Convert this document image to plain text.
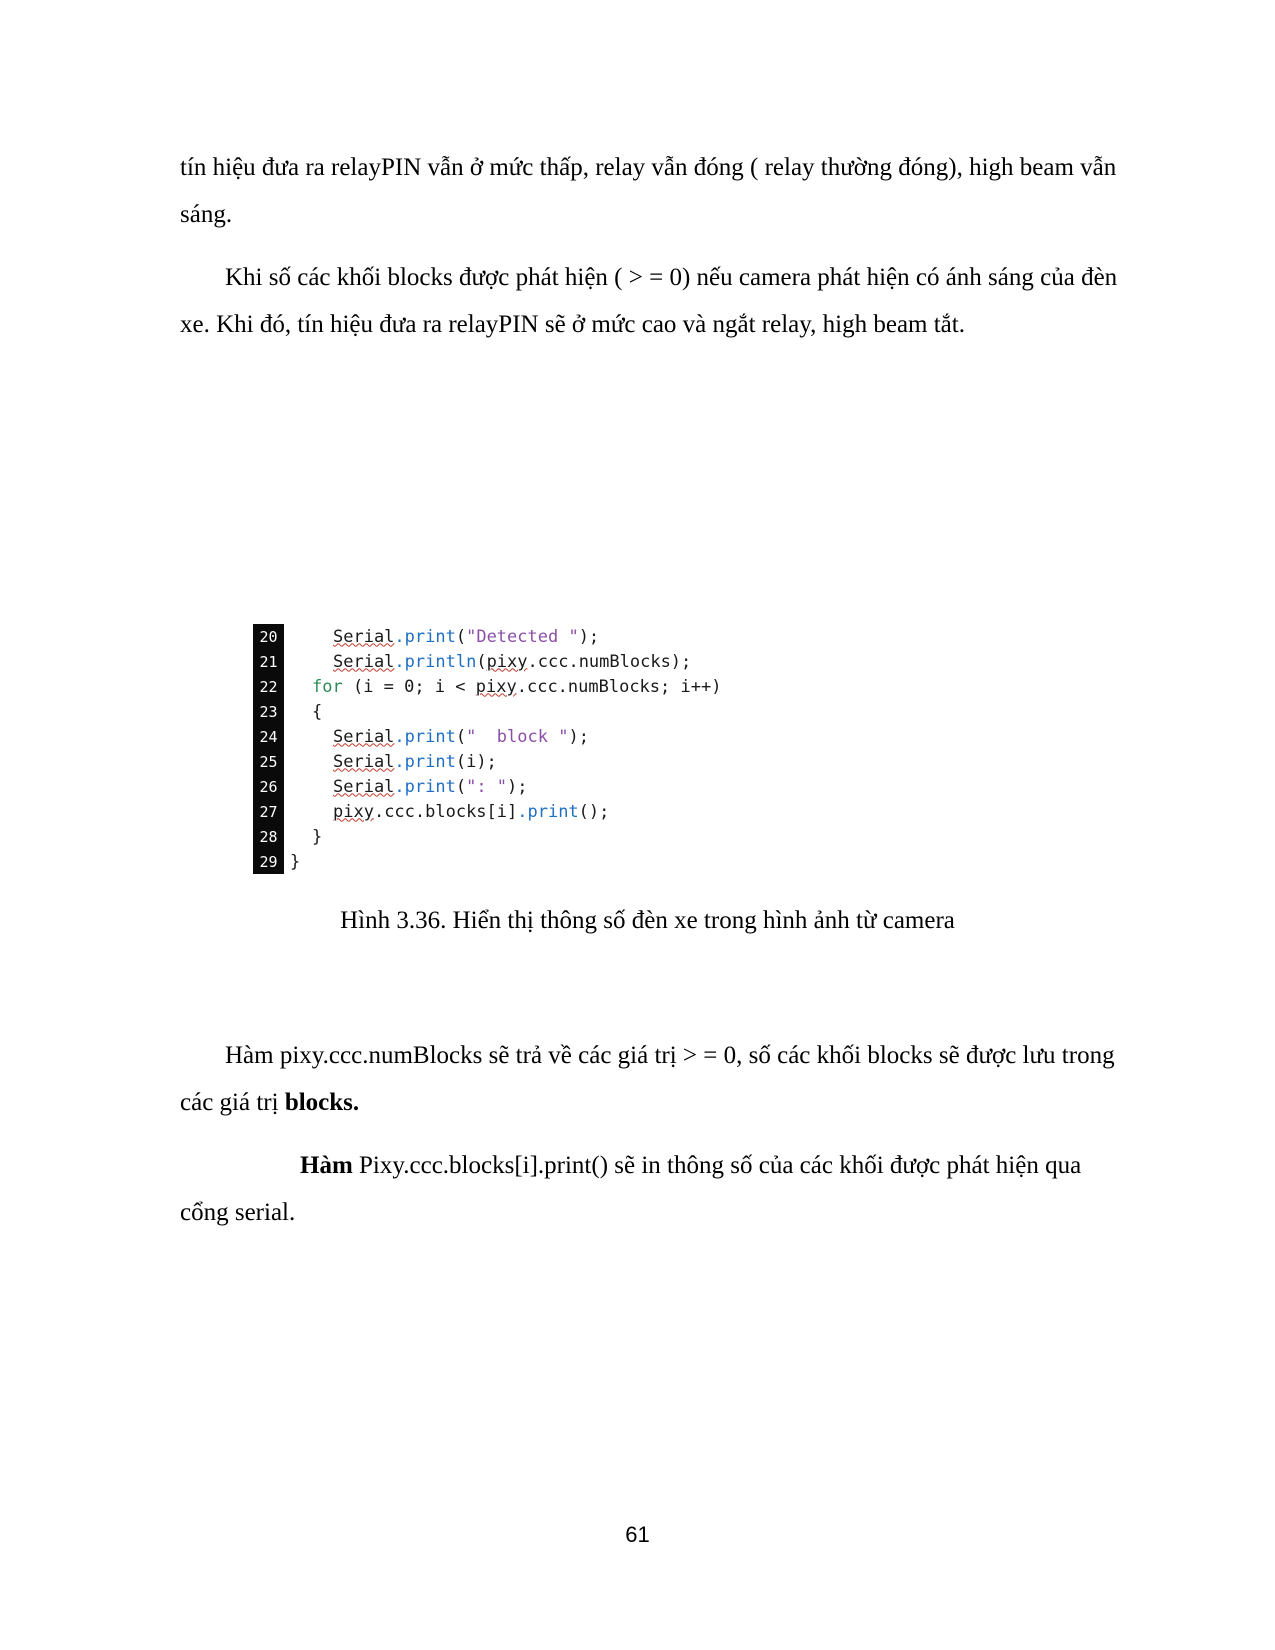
tín hiệu đưa ra relayPIN vẫn ở mức thấp, relay vẫn đóng ( relay thường đóng), high beam vẫn sáng.

Khi số các khối blocks được phát hiện ( > = 0) nếu camera phát hiện có ánh sáng của đèn xe. Khi đó, tín hiệu đưa ra relayPIN sẽ ở mức cao và ngắt relay, high beam tắt.

20	Serial.print("Detected ");
21	Serial.println(pixy.ccc.numBlocks);
22	for (i = 0; i < pixy.ccc.numBlocks; i++)
23	{
24	Serial.print("  block ");
25	Serial.print(i);
26	Serial.print(": ");
27	pixy.ccc.blocks[i].print();
28	}
29 }
Hình 3.36. Hiển thị thông số đèn xe trong hình ảnh từ camera

Hàm pixy.ccc.numBlocks sẽ trả về các giá trị > = 0, số các khối blocks sẽ được lưu trong các giá trị blocks.

Hàm Pixy.ccc.blocks[i].print() sẽ in thông số của các khối được phát hiện qua cổng serial.

61
